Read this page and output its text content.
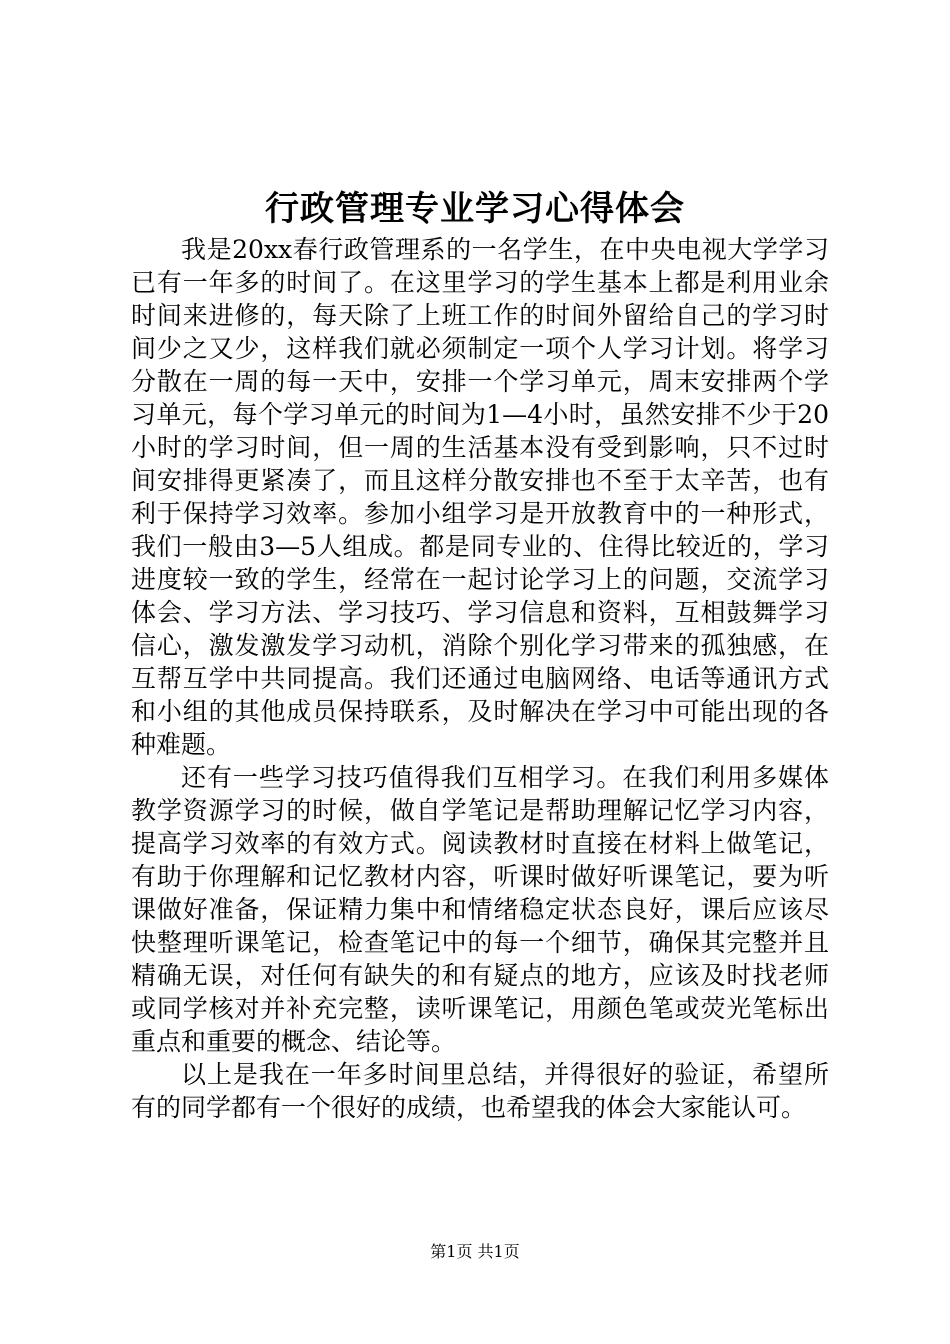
行政管理专业学习心得体会

我是20xx春行政管理系的一名学生，在中央电视大学学习已有一年多的时间了。在这里学习的学生基本上都是利用业余时间来进修的，每天除了上班工作的时间外留给自己的学习时间少之又少，这样我们就必须制定一项个人学习计划。将学习分散在一周的每一天中，安排一个学习单元，周末安排两个学习单元，每个学习单元的时间为1—4小时，虽然安排不少于20小时的学习时间，但一周的生活基本没有受到影响，只不过时间安排得更紧凑了，而且这样分散安排也不至于太辛苦，也有利于保持学习效率。参加小组学习是开放教育中的一种形式，我们一般由3—5人组成。都是同专业的、住得比较近的，学习进度较一致的学生，经常在一起讨论学习上的问题，交流学习体会、学习方法、学习技巧、学习信息和资料，互相鼓舞学习信心，激发激发学习动机，消除个别化学习带来的孤独感，在互帮互学中共同提高。我们还通过电脑网络、电话等通讯方式和小组的其他成员保持联系，及时解决在学习中可能出现的各种难题。

还有一些学习技巧值得我们互相学习。在我们利用多媒体教学资源学习的时候，做自学笔记是帮助理解记忆学习内容，提高学习效率的有效方式。阅读教材时直接在材料上做笔记，有助于你理解和记忆教材内容，听课时做好听课笔记，要为听课做好准备，保证精力集中和情绪稳定状态良好，课后应该尽快整理听课笔记，检查笔记中的每一个细节，确保其完整并且精确无误，对任何有缺失的和有疑点的地方，应该及时找老师或同学核对并补充完整，读听课笔记，用颜色笔或荧光笔标出重点和重要的概念、结论等。

以上是我在一年多时间里总结，并得很好的验证，希望所有的同学都有一个很好的成绩，也希望我的体会大家能认可。

第1页 共1页
